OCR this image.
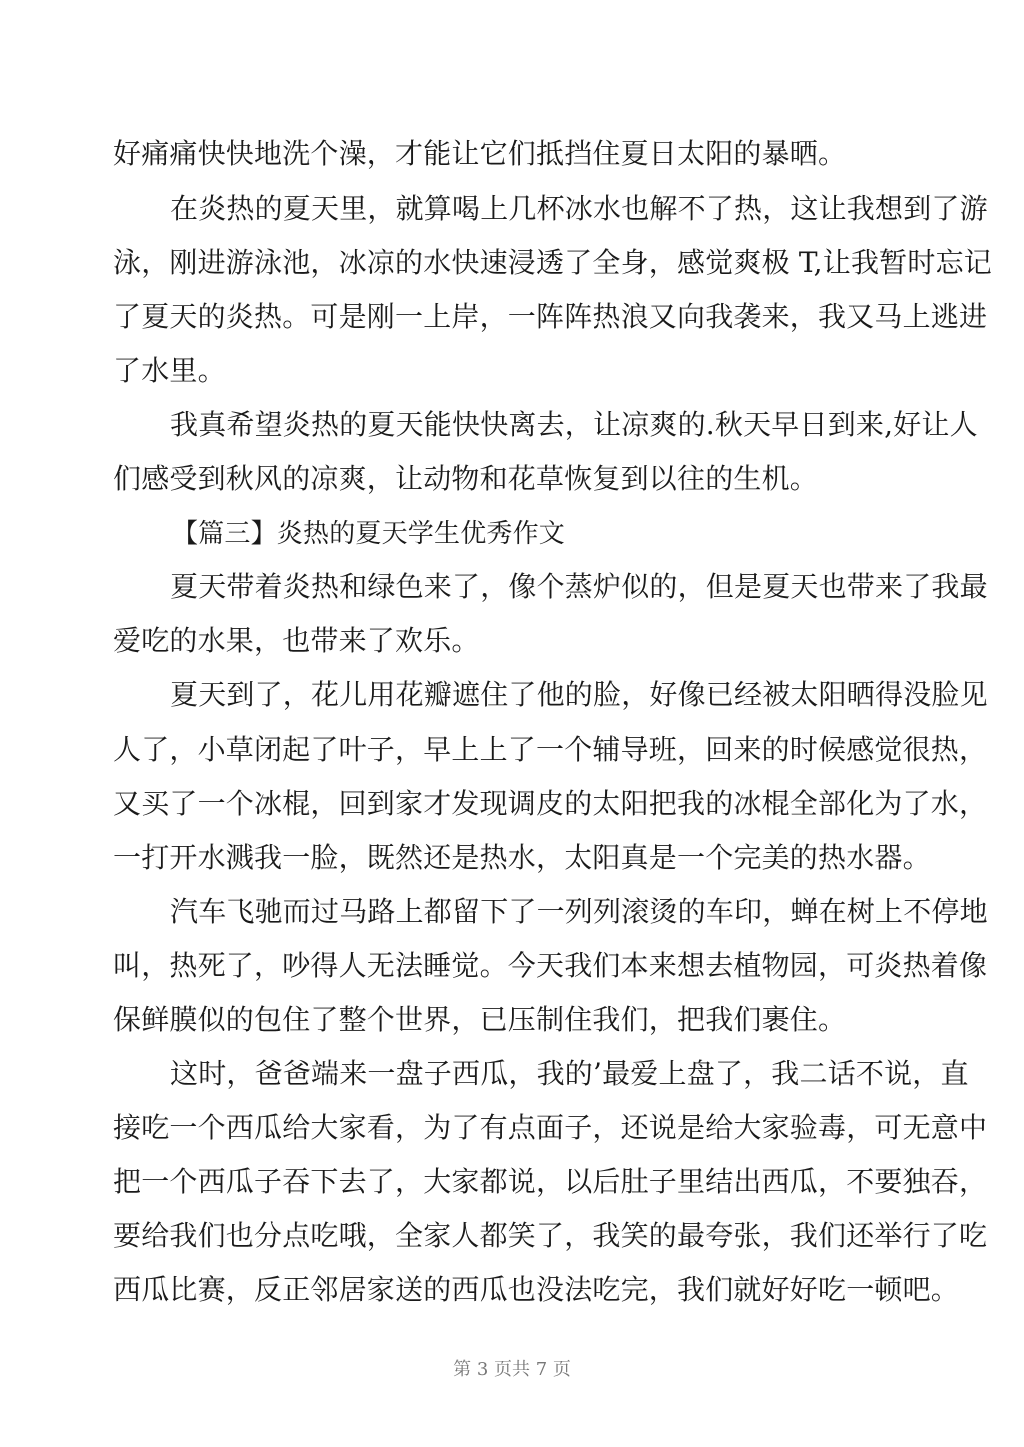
好痛痛快快地洗个澡，才能让它们抵挡住夏日太阳的暴晒。
在炎热的夏天里，就算喝上几杯冰水也解不了热，这让我想到了游
泳，刚进游泳池，冰凉的水快速浸透了全身，感觉爽极 T,让我暂时忘记
了夏天的炎热。可是刚一上岸，一阵阵热浪又向我袭来，我又马上逃进
了水里。
我真希望炎热的夏天能快快离去，让凉爽的.秋天早日到来,好让人
们感受到秋风的凉爽，让动物和花草恢复到以往的生机。
【篇三】炎热的夏天学生优秀作文
夏天带着炎热和绿色来了，像个蒸炉似的，但是夏天也带来了我最
爱吃的水果，也带来了欢乐。
夏天到了，花儿用花瓣遮住了他的脸，好像已经被太阳晒得没脸见
人了，小草闭起了叶子，早上上了一个辅导班，回来的时候感觉很热，
又买了一个冰棍，回到家才发现调皮的太阳把我的冰棍全部化为了水，
一打开水溅我一脸，既然还是热水，太阳真是一个完美的热水器。
汽车飞驰而过马路上都留下了一列列滚烫的车印，蝉在树上不停地
叫，热死了，吵得人无法睡觉。今天我们本来想去植物园，可炎热着像
保鲜膜似的包住了整个世界，已压制住我们，把我们裹住。
这时，爸爸端来一盘子西瓜，我的’最爱上盘了，我二话不说，直
接吃一个西瓜给大家看，为了有点面子，还说是给大家验毒，可无意中
把一个西瓜子吞下去了，大家都说，以后肚子里结出西瓜，不要独吞，
要给我们也分点吃哦，全家人都笑了，我笑的最夸张，我们还举行了吃
西瓜比赛，反正邻居家送的西瓜也没法吃完，我们就好好吃一顿吧。
第 3 页共 7 页
